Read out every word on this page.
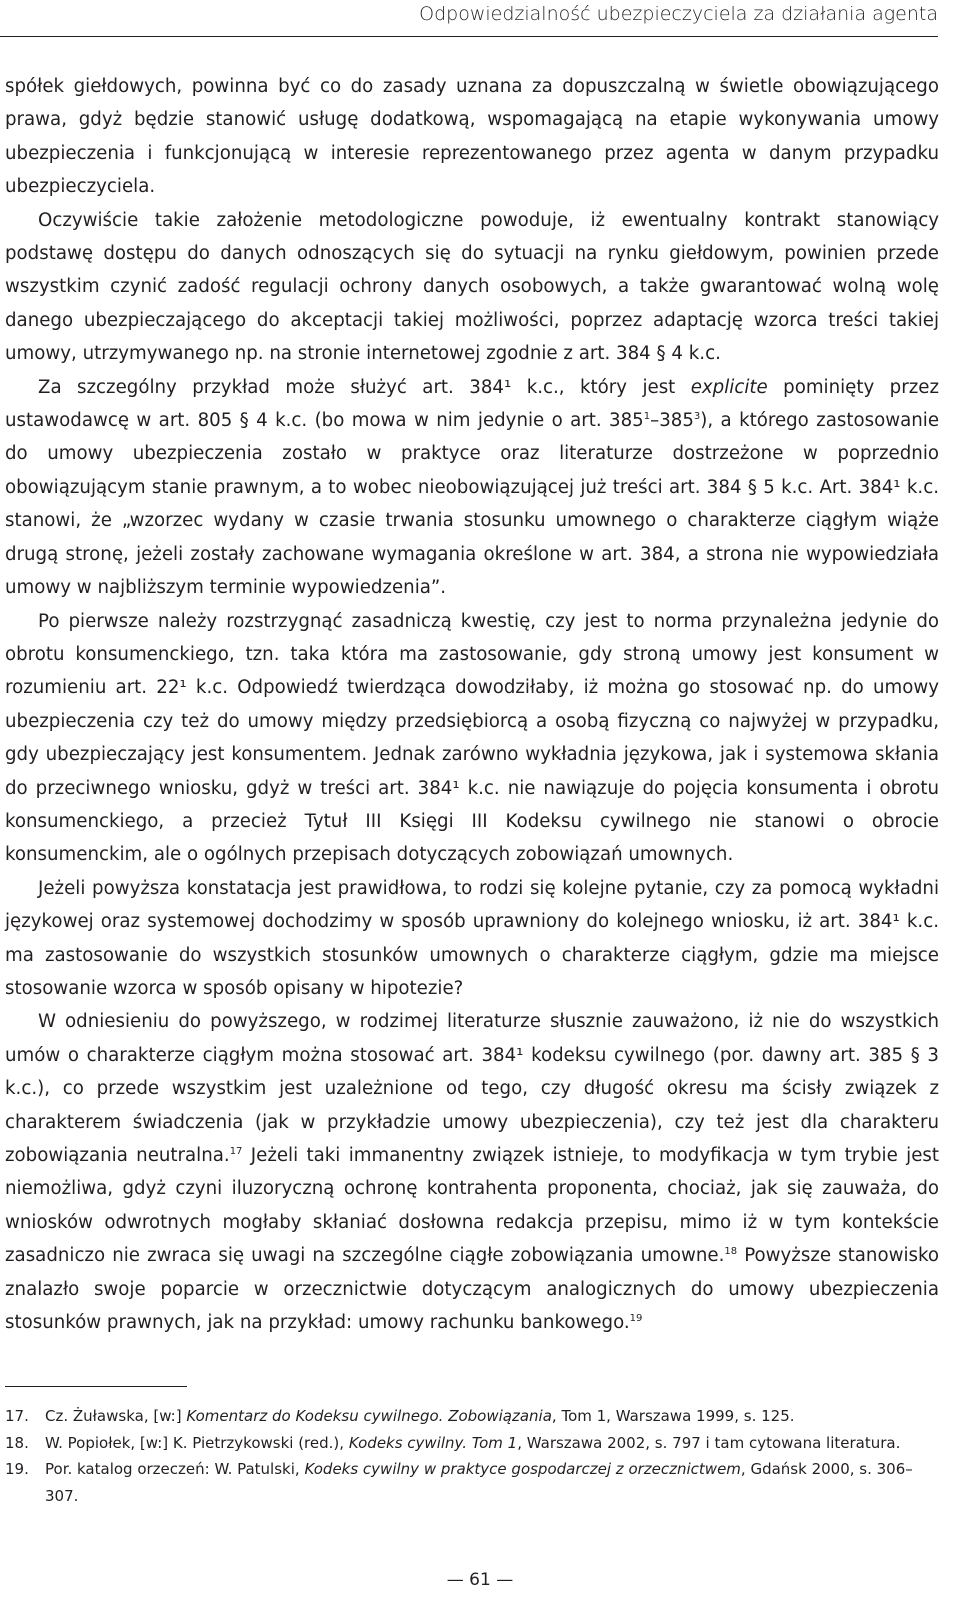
Odpowiedzialność ubezpieczyciela za działania agenta

spółek giełdowych, powinna być co do zasady uznana za dopuszczalną w świetle obowiązującego prawa, gdyż będzie stanowić usługę dodatkową, wspomagającą na etapie wykonywania umowy ubezpieczenia i funkcjonującą w interesie reprezentowanego przez agenta w danym przypadku ubezpieczyciela.

Oczywiście takie założenie metodologiczne powoduje, iż ewentualny kontrakt stanowiący podstawę dostępu do danych odnoszących się do sytuacji na rynku giełdowym, powinien przede wszystkim czynić zadość regulacji ochrony danych osobowych, a także gwarantować wolną wolę danego ubezpieczającego do akceptacji takiej możliwości, poprzez adaptację wzorca treści takiej umowy, utrzymywanego np. na stronie internetowej zgodnie z art. 384 § 4 k.c.

Za szczególny przykład może służyć art. 384¹ k.c., który jest explicite pominięty przez ustawodawcę w art. 805 § 4 k.c. (bo mowa w nim jedynie o art. $385^1-385^3$), a którego zastosowanie do umowy ubezpieczenia zostało w praktyce oraz literaturze dostrzeżone w poprzednio obowiązującym stanie prawnym, a to wobec nieobowiązującej już treści art. 384 § 5 k.c. Art. 384¹ k.c. stanowi, że „wzorzec wydany w czasie trwania stosunku umownego o charakterze ciągłym wiąże drugą stronę, jeżeli zostały zachowane wymagania określone w art. 384, a strona nie wypowiedziała umowy w najbliższym terminie wypowiedzenia”.

Po pierwsze należy rozstrzygnąć zasadniczą kwestię, czy jest to norma przynależna jedynie do obrotu konsumenckiego, tzn. taka która ma zastosowanie, gdy stroną umowy jest konsument w rozumieniu art. 22¹ k.c. Odpowiedź twierdząca dowodziłaby, iż można go stosować np. do umowy ubezpieczenia czy też do umowy między przedsiębiorcą a osobą fizyczną co najwyżej w przypadku, gdy ubezpieczający jest konsumentem. Jednak zarówno wykładnia językowa, jak i systemowa skłania do przeciwnego wniosku, gdyż w treści art. 384¹ k.c. nie nawiązuje do pojęcia konsumenta i obrotu konsumenckiego, a przecież Tytuł III Księgi III Kodeksu cywilnego nie stanowi o obrocie konsumenckim, ale o ogólnych przepisach dotyczących zobowiązań umownych.

Jeżeli powyższa konstatacja jest prawidłowa, to rodzi się kolejne pytanie, czy za pomocą wykładni językowej oraz systemowej dochodzimy w sposób uprawniony do kolejnego wniosku, iż art. 384¹ k.c. ma zastosowanie do wszystkich stosunków umownych o charakterze ciągłym, gdzie ma miejsce stosowanie wzorca w sposób opisany w hipotezie?

W odniesieniu do powyższego, w rodzimej literaturze słusznie zauważono, iż nie do wszystkich umów o charakterze ciągłym można stosować art. 384¹ kodeksu cywilnego (por. dawny art. 385 § 3 k.c.), co przede wszystkim jest uzależnione od tego, czy długość okresu ma ścisły związek z charakterem świadczenia (jak w przykładzie umowy ubezpieczenia), czy też jest dla charakteru zobowiązania neutralna.$^{17}$ Jeżeli taki immanentny związek istnieje, to modyfikacja w tym trybie jest niemożliwa, gdyż czyni iluzoryczną ochronę kontrahenta proponenta, chociaż, jak się zauważa, do wniosków odwrotnych mogłaby skłaniać dosłowna redakcja przepisu, mimo iż w tym kontekście zasadniczo nie zwraca się uwagi na szczególne ciągłe zobowiązania umowne.$^{18}$ Powyższe stanowisko znalazło swoje poparcie w orzecznictwie dotyczącym analogicznych do umowy ubezpieczenia stosunków prawnych, jak na przykład: umowy rachunku bankowego.$^{19}$

17.	Cz. Żuławska, [w:] Komentarz do Kodeksu cywilnego. Zobowiązania, Tom 1, Warszawa 1999, s. 125.
18.	W. Popiołek, [w:] K. Pietrzykowski (red.), Kodeks cywilny. Tom 1, Warszawa 2002, s. 797 i tam cytowana literatura.
19.	Por. katalog orzeczeń: W. Patulski, Kodeks cywilny w praktyce gospodarczej z orzecznictwem, Gdańsk 2000, s. 306–307.
— 61 —
